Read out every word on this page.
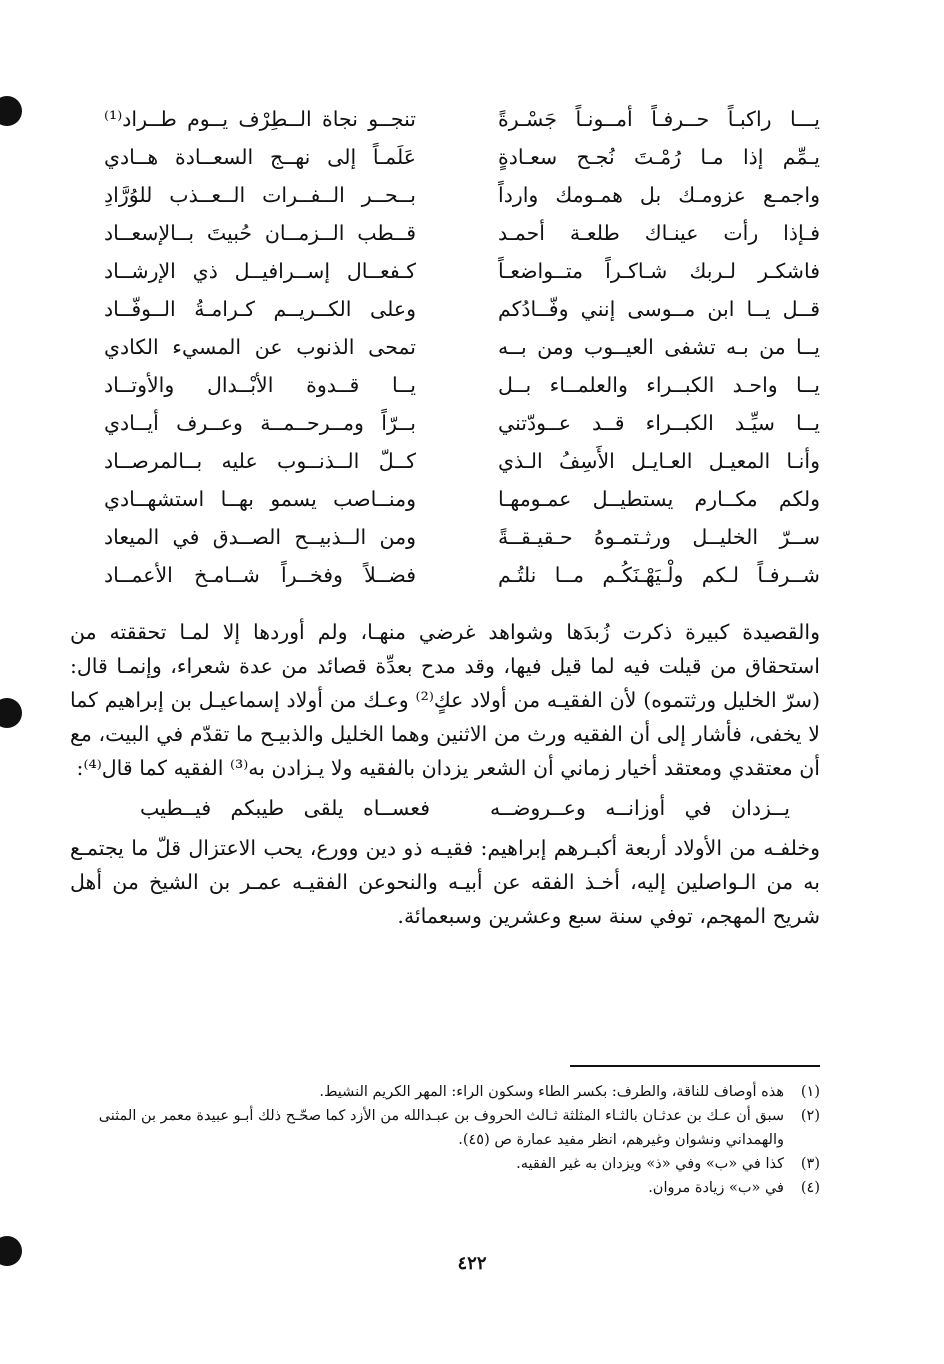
يـــا راكبـاً حــرفـاً أمــونـاً جَسْـرةً
تنجــو نجاة الــطِرْف يــوم طــراد⁽¹⁾
يـمِّم إذا مـا رُمْـتَ نُجـح سعـادةٍ
عَلَمـاً إلى نهــج السعــادة هــادي
واجمـع عزومـك بل همـومك وارداً
بــحــر الــفــرات الــعــذب للوُرَّادِ
فـإذا رأت عينـاك طلعـة أحمـد
قــطب الــزمــان حُبيتَ بــالإسعــاد
فاشكـر لـربك شـاكـراً متــواضعـاً
كـفعــال إســرافيــل ذي الإرشــاد
قــل يــا ابن مــوسى إنني وفّــادُكم
وعلى الكــريــم كـرامـةُ الــوفّــاد
يــا من بـه تشفى العيــوب ومن بــه
تمحى الذنوب عن المسيء الكادي
يــا واحـد الكبــراء والعلمــاء بــل
يــا قــدوة الأبْــدال والأوتــاد
يــا سيِّـد الكبــراء قــد عــودّتني
بــرّاً ومــرحــمــة وعــرف أيــادي
وأنـا المعيـل العـايـل الأَسِفُ الـذي
كــلّ الــذنــوب عليه بــالمرصــاد
ولكم مكــارم يستطيــل عمـومهـا
ومنــاصب يسمو بهــا استشهــادي
ســرّ الخليــل ورثـتمـوهُ حـقيـقــةً
ومن الــذبيــح الصــدق في الميعاد
شــرفـاً لـكم ولْـيَهْـنَكُـم مــا نلتُـم
فضــلاً وفخــراً شــامـخ الأعمــاد

والقصيدة كبيرة ذكرت زُبدَها وشواهد غرضي منهـا، ولم أوردها إلا لمـا تحققته من استحقاق من قيلت فيه لما قيل فيها، وقد مدح بعدِّة قصائد من عدة شعراء، وإنمـا قال: (سرّ الخليل ورثتموه) لأن الفقيـه من أولاد عكٍ⁽²⁾ وعـك من أولاد إسماعيـل بن إبراهيم كما لا يخفى، فأشار إلى أن الفقيه ورث من الاثنين وهما الخليل والذبيـح ما تقدّم في البيت، مع أن معتقدي ومعتقد أخيار زماني أن الشعر يزدان بالفقيه ولا يـزادن به⁽³⁾ الفقيه كما قال⁽⁴⁾:

يــزدان في أوزانــه وعــروضــه
فعســاه يلقى طيبكم فيــطيب

وخلفـه من الأولاد أربعة أكبـرهم إبراهيم: فقيـه ذو دين وورع، يحب الاعتزال قلّ ما يجتمـع به من الـواصلين إليه، أخـذ الفقه عن أبيـه والنحوعن الفقيـه عمـر بن الشيخ من أهل شريح المهجم، توفي سنة سبع وعشرين وسبعمائة.

(١)
هذه أوصاف للناقة، والطرف: بكسر الطاء وسكون الراء: المهر الكريم النشيط.
(٢)
سبق أن عـك بن عدثـان بالثـاء المثلثة ثـالث الحروف بن عبـدالله من الأزد كما صحّـح ذلك أبـو عبيدة معمر بن المثنى والهمداني ونشوان وغيرهم، انظر مفيد عمارة ص (٤٥).
(٣)
كذا في «ب» وفي «ذ» ويزدان به غير الفقيه.
(٤)
في «ب» زيادة مروان.
٤٢٢
